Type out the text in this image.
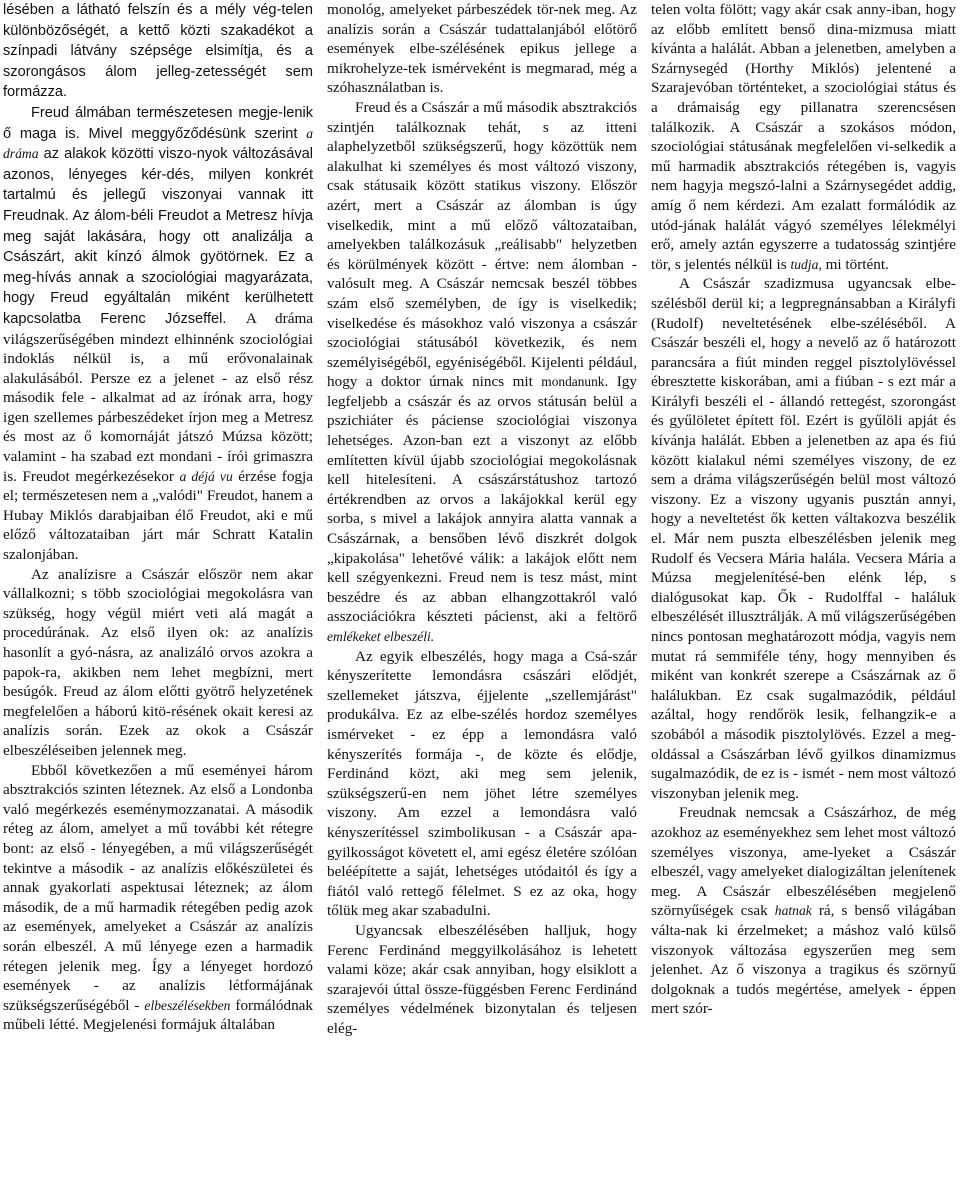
lésében a látható felszín és a mély vég-telen különbözőségét, a kettő közti szakadékot a színpadi látvány szépsége elsimítja, és a szorongásos álom jelleg-zetességét sem formázza.

Freud álmában természetesen megje-lenik ő maga is. Mivel meggyőződésünk szerint a dráma az alakok közötti viszo-nyok változásával azonos, lényeges kér-dés, milyen konkrét tartalmú és jellegű viszonyai vannak itt Freudnak. Az álom-béli Freudot a Metresz hívja meg saját lakására, hogy ott analizálja a Császárt, akit kínzó álmok gyötörnek. Ez a meg-hívás annak a szociológiai magyarázata, hogy Freud egyáltalán miként kerülhetett kapcsolatba Ferenc Józseffel. A dráma világszerűségében mindezt elhinnénk szociológiai indoklás nélkül is, a mű erővonalainak alakulásából. Persze ez a jelenet - az első rész második fele - alkalmat ad az írónak arra, hogy igen szellemes párbeszédeket írjon meg a Metresz és most az ő komornáját játszó Múzsa között; valamint - ha szabad ezt mondani - írói grimaszra is. Freudot megérkezésekor a déjá vu érzése fogja el; természetesen nem a „valódi" Freudot, hanem a Hubay Miklós darabjaiban élő Freudot, aki e mű előző változataiban járt már Schratt Katalin szalonjában.

Az analízisre a Császár először nem akar vállalkozni; s több szociológiai megokolásra van szükség, hogy végül miért veti alá magát a procedúrának. Az első ilyen ok: az analízis hasonlít a gyó-násra, az analizáló orvos azokra a papok-ra, akikben nem lehet megbízni, mert besúgók. Freud az álom előtti gyötrő helyzetének megfelelően a háború kitö-résének okait keresi az analízis során. Ezek az okok a Császár elbeszéléseiben jelennek meg.

Ebből következően a mű eseményei három absztrakciós szinten léteznek. Az első a Londonba való megérkezés eseménymozzanatai. A második réteg az álom, amelyet a mű további két rétegre bont: az első - lényegében, a mű világszerűségét tekintve a második - az analízis előkészületei és annak gyakorlati aspektusai léteznek; az álom második, de a mű harmadik rétegében pedig azok az események, amelyeket a Császár az analízis során elbeszél. A mű lényege ezen a harmadik rétegen jelenik meg. Így a lényeget hordozó események - az analízis létformájának szükségszerűségéből - elbeszélésekben formálódnak műbeli létté. Megjelenési formájuk általában

monológ, amelyeket párbeszédek tör-nek meg. Az analízis során a Császár tudattalanjából előtörő események elbe-szélésének epikus jellege a mikrohelyze-tek ismérveként is megmarad, még a szóhasználatban is.

Freud és a Császár a mű második absztrakciós szintjén találkoznak tehát, s az itteni alaphelyzetből szükségszerű, hogy közöttük nem alakulhat ki személyes és most változó viszony, csak státusaik között statikus viszony. Először azért, mert a Császár az álomban is úgy viselkedik, mint a mű előző változataiban, amelyekben találkozásuk „reálisabb" helyzetben és körülmények között - értve: nem álomban - valósult meg. A Császár nemcsak beszél többes szám első személyben, de így is viselkedik; viselkedése és másokhoz való viszonya a császár szociológiai státusából következik, és nem személyiségéből, egyéniségéből. Kijelenti például, hogy a doktor úrnak nincs mit mondanunk. Igy legfeljebb a császár és az orvos státusán belül a pszichiáter és páciense szociológiai viszonya lehetséges. Azon-ban ezt a viszonyt az előbb említetten kívül újabb szociológiai megokolásnak kell hitelesíteni. A császárstátushoz tartozó értékrendben az orvos a lakájokkal kerül egy sorba, s mivel a lakájok annyira alatta vannak a Császárnak, a bensőben lévő diszkrét dolgok „kipakolása" lehetővé válik: a lakájok előtt nem kell szégyenkezni. Freud nem is tesz mást, mint beszédre és az abban elhangzottakról való asszociációkra készteti pácienst, aki a feltörő emlékeket elbeszéli.

Az egyik elbeszélés, hogy maga a Csá-szár kényszerítette lemondásra császári elődjét, szellemeket játszva, éjjelente „szellemjárást" produkálva. Ez az elbe-szélés hordoz személyes ismérveket - ez épp a lemondásra való kényszerítés formája -, de közte és elődje, Ferdinánd közt, aki meg sem jelenik, szükségszerű-en nem jöhet létre személyes viszony. Am ezzel a lemondásra való kényszerítéssel szimbolikusan - a Császár apa-gyilkosságot követett el, ami egész életére szólóan beléépítette a saját, lehetséges utódaitól és így a fiától való rettegő félelmet. S ez az oka, hogy tőlük meg akar szabadulni.

Ugyancsak elbeszélésében halljuk, hogy Ferenc Ferdinánd meggyilkolásához is lehetett valami köze; akár csak annyiban, hogy elsiklott a szarajevói úttal össze-függésben Ferenc Ferdinánd személyes védelmének bizonytalan és teljesen elég-

telen volta fölött; vagy akár csak anny-iban, hogy az előbb említett benső dina-mizmusa miatt kívánta a halálát. Abban a jelenetben, amelyben a Szárnysegéd (Horthy Miklós) jelentené a Szarajevóban történteket, a szociológiai státus és a drámaiság egy pillanatra szerencsésen találkozik. A Császár a szokásos módon, szociológiai státusának megfelelően vi-selkedik a mű harmadik absztrakciós rétegében is, vagyis nem hagyja megszó-lalni a Szárnysegédet addig, amíg ő nem kérdezi. Am ezalatt formálódik az utód-jának halálát vágyó személyes lélekmélyi erő, amely aztán egyszerre a tudatosság szintjére tör, s jelentés nélkül is tudja, mi történt.

A Császár szadizmusa ugyancsak elbe-szélésből derül ki; a legpregnánsabban a Királyfi (Rudolf) neveltetésének elbe-széléséből. A Császár beszéli el, hogy a nevelő az ő határozott parancsára a fiút minden reggel pisztolylövéssel ébresztette kiskorában, ami a fiúban - s ezt már a Királyfi beszéli el - állandó rettegést, szorongást és gyűlöletet épített föl. Ezért is gyűlöli apját és kívánja halálát. Ebben a jelenetben az apa és fiú között kialakul némi személyes viszony, de ez sem a dráma világszerűségén belül most változó viszony. Ez a viszony ugyanis pusztán annyi, hogy a neveltetést ők ketten váltakozva beszélik el. Már nem puszta elbeszélésben jelenik meg Rudolf és Vecsera Mária halála. Vecsera Mária a Múzsa megjelenítésé-ben elénk lép, s dialógusokat kap. Ők - Rudolffal - haláluk elbeszélését illusztrálják. A mű világszerűségében nincs pontosan meghatározott módja, vagyis nem mutat rá semmiféle tény, hogy mennyiben és miként van konkrét szerepe a Császárnak az ő halálukban. Ez csak sugalmazódik, például azáltal, hogy rendőrök lesik, felhangzik-e a szobából a második pisztolylövés. Ezzel a meg-oldással a Császárban lévő gyilkos dinamizmus sugalmazódik, de ez is - ismét - nem most változó viszonyban jelenik meg.

Freudnak nemcsak a Császárhoz, de még azokhoz az eseményekhez sem lehet most változó személyes viszonya, ame-lyeket a Császár elbeszél, vagy amelyeket dialogizáltan jelenítenek meg. A Császár elbeszélésében megjelenő szörnyűségek csak hatnak rá, s benső világában válta-nak ki érzelmeket; a máshoz való külső viszonyok változása egyszerűen meg sem jelenhet. Az ő viszonya a tragikus és szörnyű dolgoknak a tudós megértése, amelyek - éppen mert szór-
